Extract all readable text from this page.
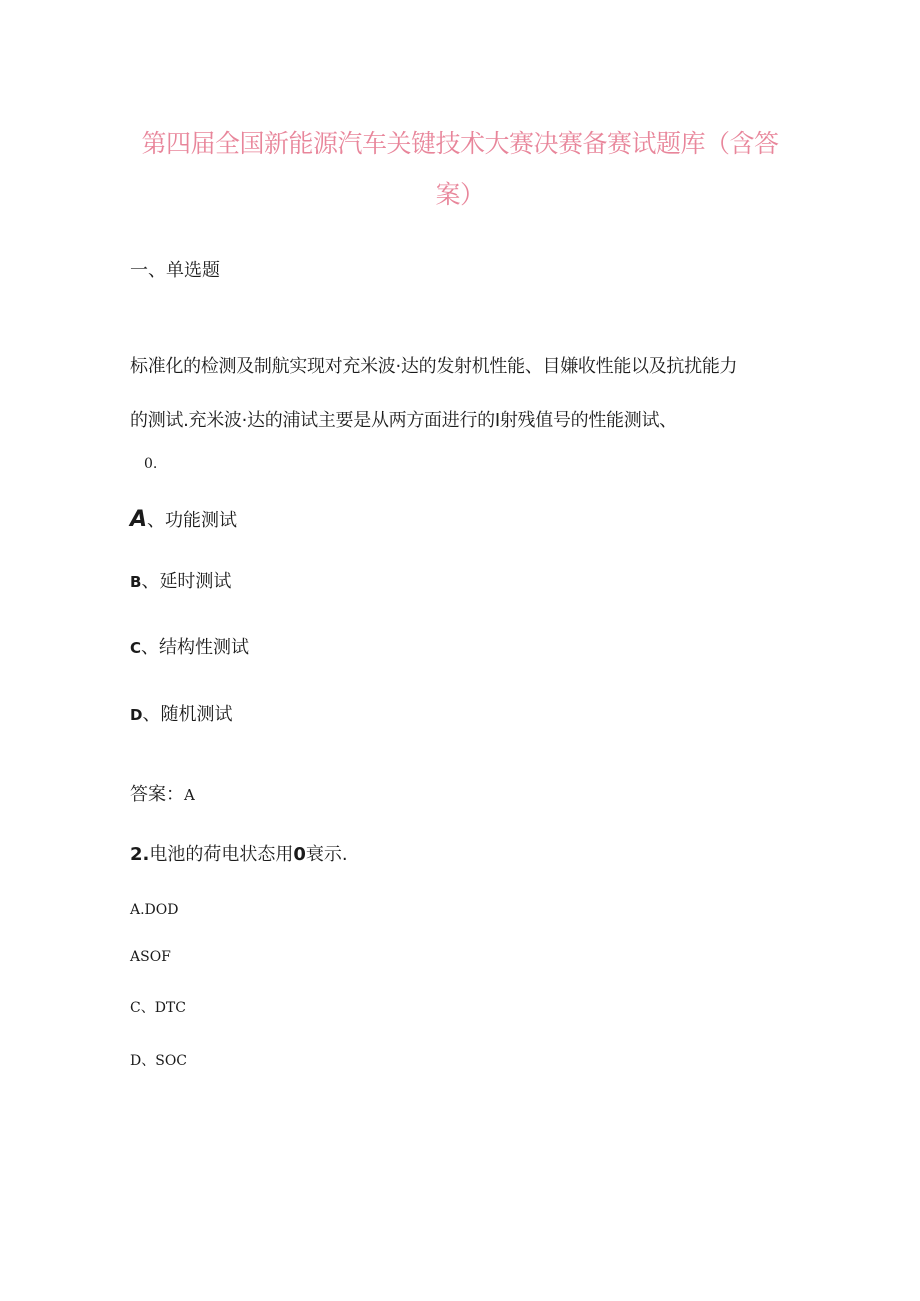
第四届全国新能源汽车关键技术大赛决赛备赛试题库（含答
案）
一、单选题
标准化的检测及制航实现对充米波·达的发射机性能、目嫌收性能以及抗扰能力
的测试.充米波·达的浦试主要是从两方面进行的I射残值号的性能测试、
0.
A、功能测试
B、延时测试
C、结构性测试
D、随机测试
答案：A
2.电池的荷电状态用0衰示.
A.DOD
ASOF
C、DTC
D、SOC
